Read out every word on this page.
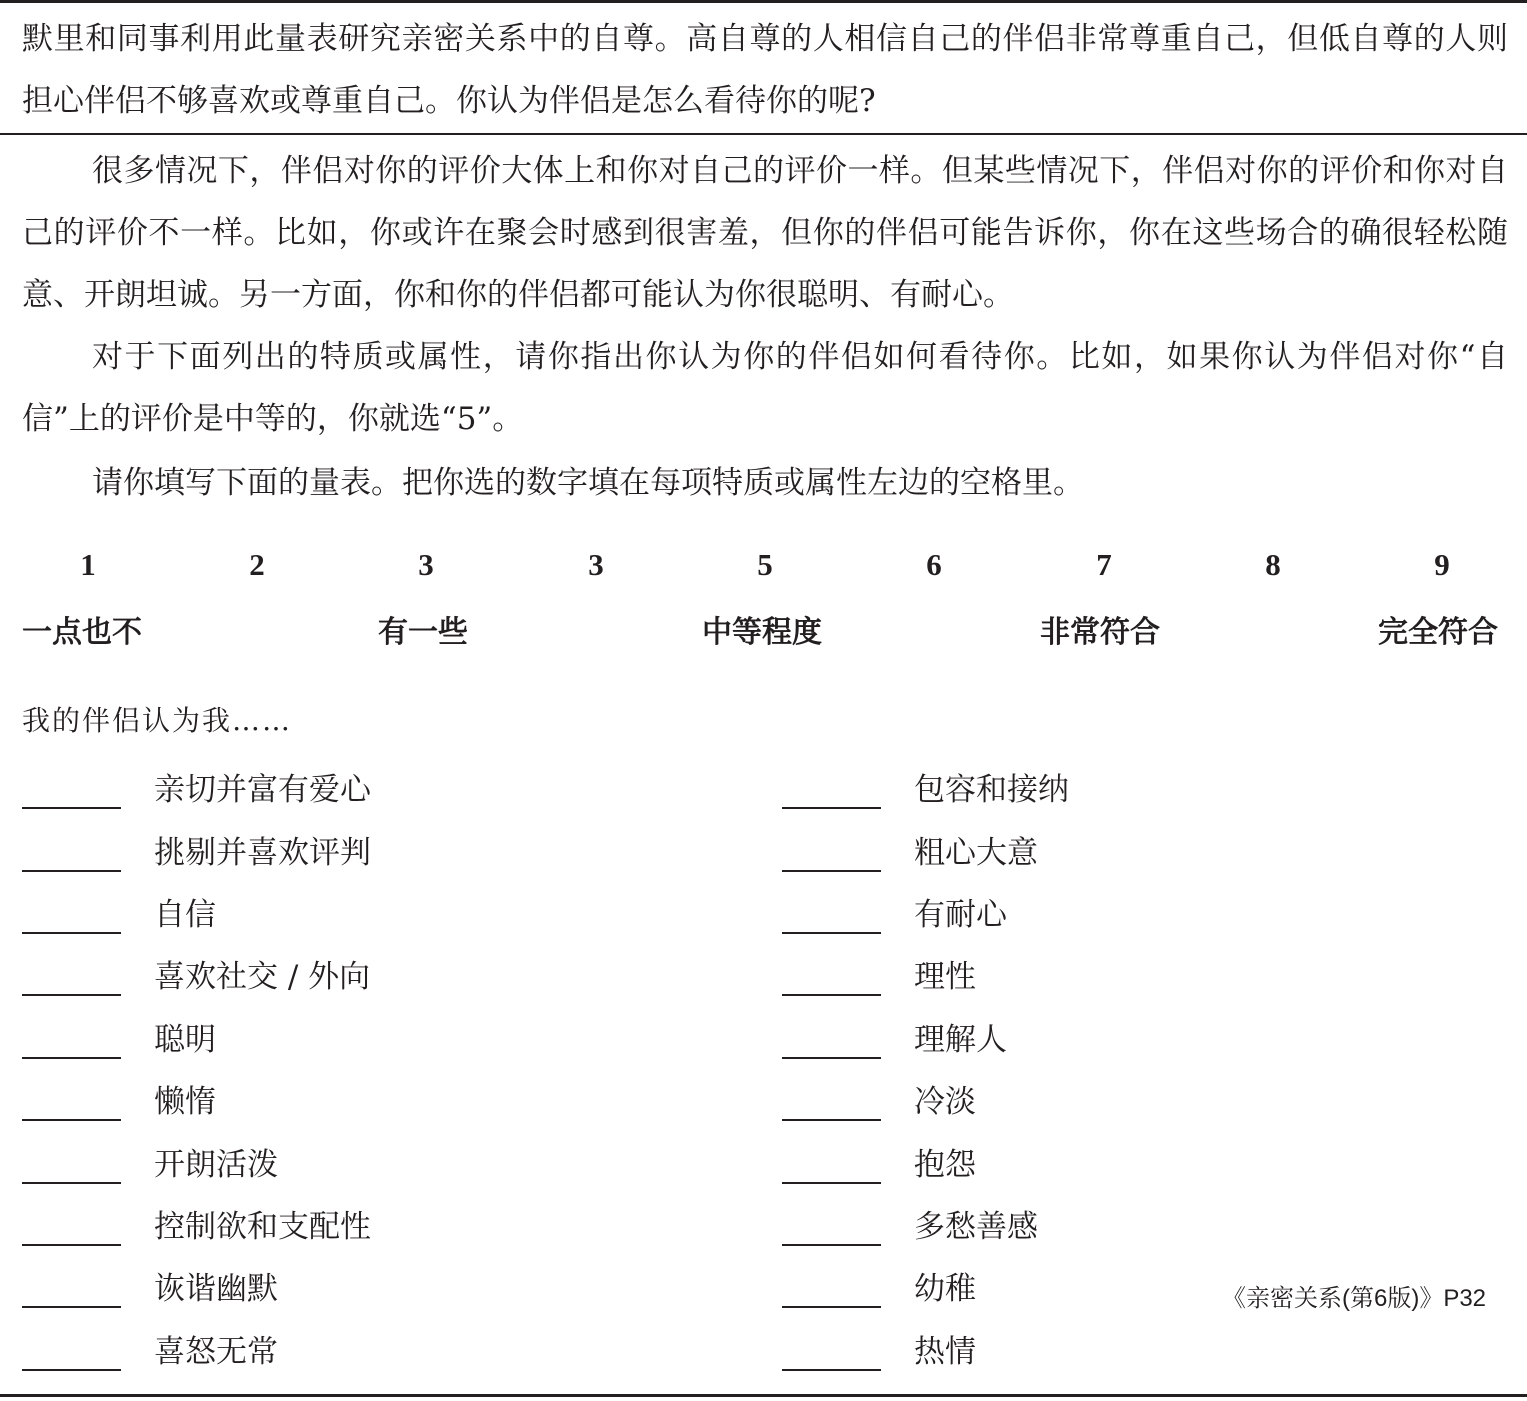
默里和同事利用此量表研究亲密关系中的自尊。高自尊的人相信自己的伴侣非常尊重自己，但低自尊的人则担心伴侣不够喜欢或尊重自己。你认为伴侣是怎么看待你的呢?

很多情况下，伴侣对你的评价大体上和你对自己的评价一样。但某些情况下，伴侣对你的评价和你对自己的评价不一样。比如，你或许在聚会时感到很害羞，但你的伴侣可能告诉你，你在这些场合的确很轻松随意、开朗坦诚。另一方面，你和你的伴侣都可能认为你很聪明、有耐心。

对于下面列出的特质或属性，请你指出你认为你的伴侣如何看待你。比如，如果你认为伴侣对你“自信”上的评价是中等的，你就选“5”。

请你填写下面的量表。把你选的数字填在每项特质或属性左边的空格里。

1	2	3	3	5	6	7	8	9
一点也不	有一些	中等程度	非常符合	完全符合
我的伴侣认为我……
亲切并富有爱心
挑剔并喜欢评判
自信
喜欢社交 / 外向
聪明
懒惰
开朗活泼
控制欲和支配性
诙谐幽默
喜怒无常
包容和接纳
粗心大意
有耐心
理性
理解人
冷淡
抱怨
多愁善感
幼稚
热情
《亲密关系(第6版)》P32
